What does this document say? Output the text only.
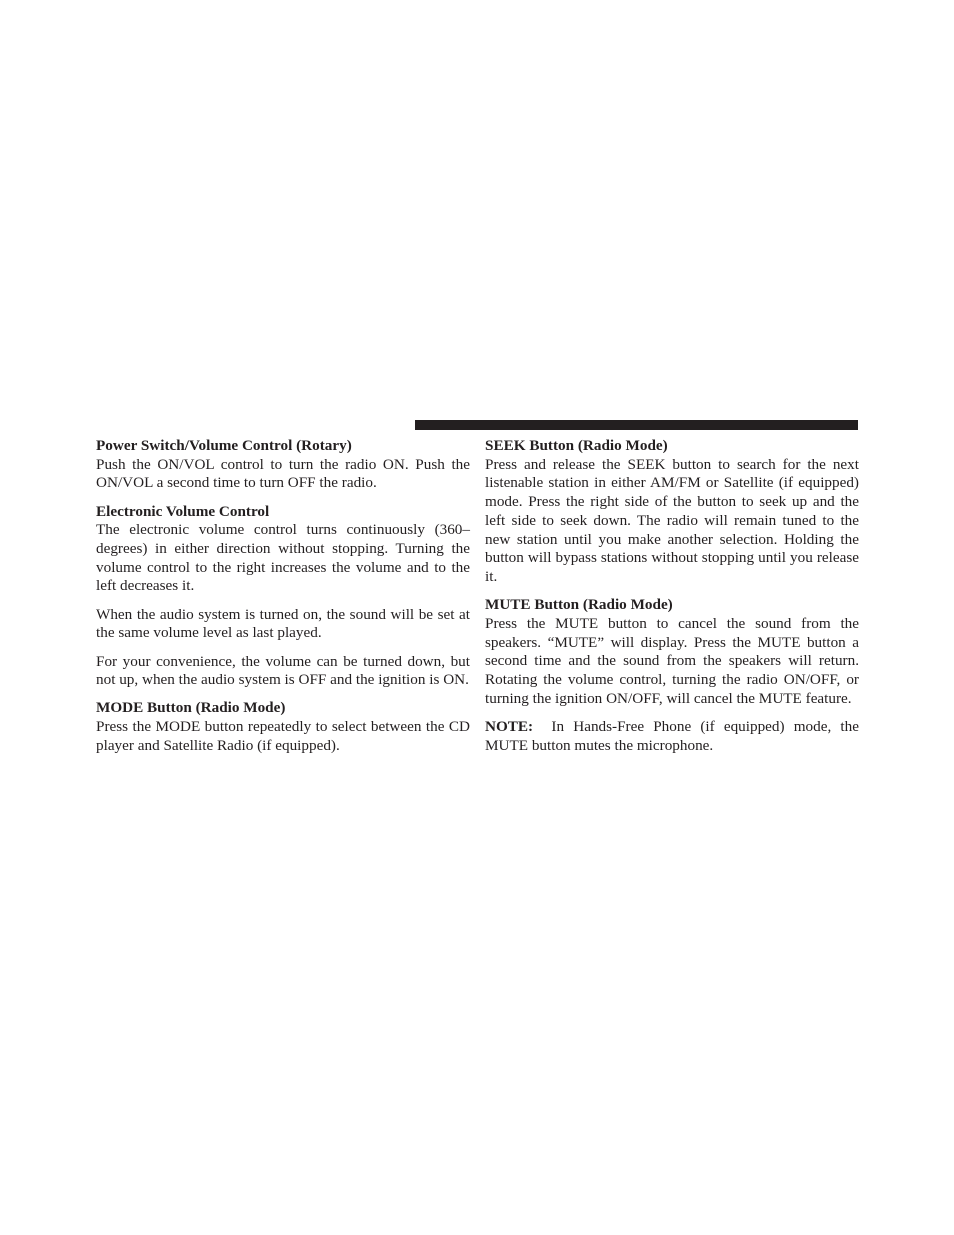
Power Switch/Volume Control (Rotary)

Push the ON/VOL control to turn the radio ON. Push the ON/VOL a second time to turn OFF the radio.

Electronic Volume Control

The electronic volume control turns continuously (360–degrees) in either direction without stopping. Turning the volume control to the right increases the volume and to the left decreases it.

When the audio system is turned on, the sound will be set at the same volume level as last played.

For your convenience, the volume can be turned down, but not up, when the audio system is OFF and the ignition is ON.

MODE Button (Radio Mode)

Press the MODE button repeatedly to select between the CD player and Satellite Radio (if equipped).

SEEK Button (Radio Mode)

Press and release the SEEK button to search for the next listenable station in either AM/FM or Satellite (if equipped) mode. Press the right side of the button to seek up and the left side to seek down. The radio will remain tuned to the new station until you make another selection. Holding the button will bypass stations without stopping until you release it.

MUTE Button (Radio Mode)

Press the MUTE button to cancel the sound from the speakers. “MUTE” will display. Press the MUTE button a second time and the sound from the speakers will return. Rotating the volume control, turning the radio ON/OFF, or turning the ignition ON/OFF, will cancel the MUTE feature.

NOTE: In Hands-Free Phone (if equipped) mode, the MUTE button mutes the microphone.
